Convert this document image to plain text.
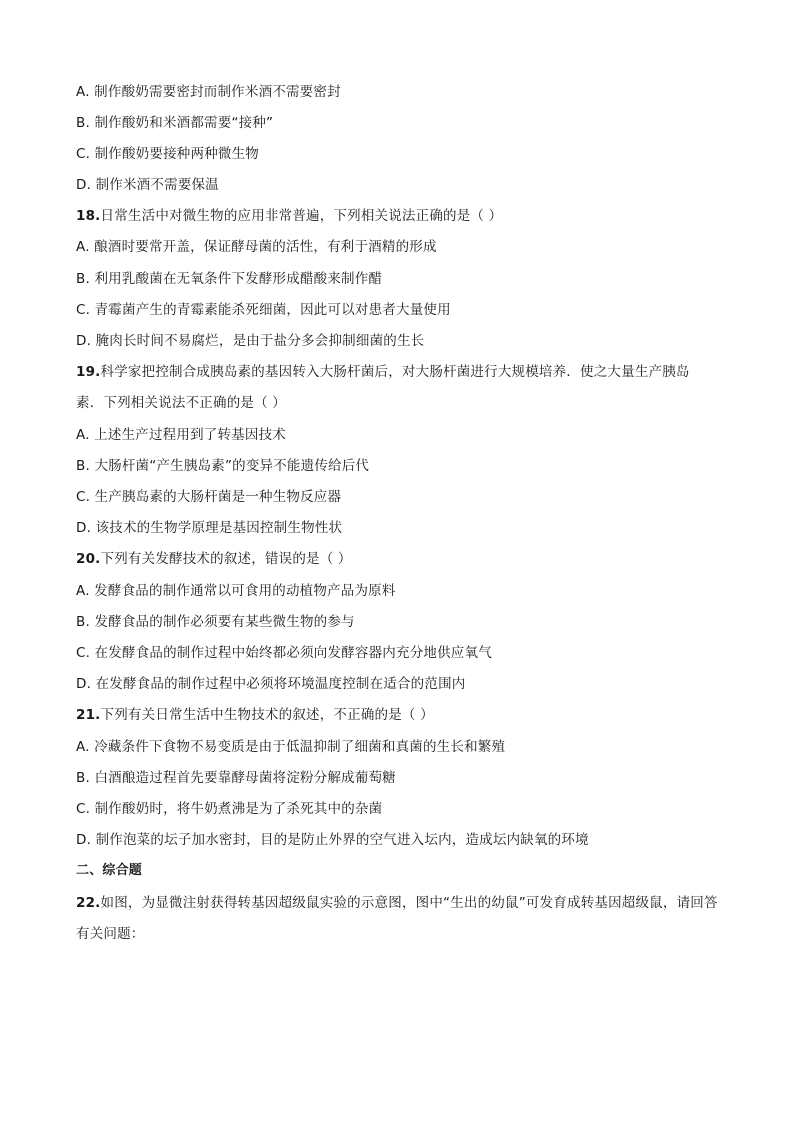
A. 制作酸奶需要密封而制作米酒不需要密封
B. 制作酸奶和米酒都需要“接种”
C. 制作酸奶要接种两种微生物
D. 制作米酒不需要保温
18.日常生活中对微生物的应用非常普遍，下列相关说法正确的是（ ）
A. 酿酒时要常开盖，保证酵母菌的活性，有利于酒精的形成
B. 利用乳酸菌在无氧条件下发酵形成醋酸来制作醋
C. 青霉菌产生的青霉素能杀死细菌，因此可以对患者大量使用
D. 腌肉长时间不易腐烂，是由于盐分多会抑制细菌的生长
19.科学家把控制合成胰岛素的基因转入大肠杆菌后，对大肠杆菌进行大规模培养．使之大量生产胰岛
素．下列相关说法不正确的是（ ）
A. 上述生产过程用到了转基因技术
B. 大肠杆菌“产生胰岛素”的变异不能遗传给后代
C. 生产胰岛素的大肠杆菌是一种生物反应器
D. 该技术的生物学原理是基因控制生物性状
20.下列有关发酵技术的叙述，错误的是（ ）
A. 发酵食品的制作通常以可食用的动植物产品为原料
B. 发酵食品的制作必须要有某些微生物的参与
C. 在发酵食品的制作过程中始终都必须向发酵容器内充分地供应氧气
D. 在发酵食品的制作过程中必须将环境温度控制在适合的范围内
21.下列有关日常生活中生物技术的叙述，不正确的是（ ）
A. 冷藏条件下食物不易变质是由于低温抑制了细菌和真菌的生长和繁殖
B. 白酒酿造过程首先要靠酵母菌将淀粉分解成葡萄糖
C. 制作酸奶时，将牛奶煮沸是为了杀死其中的杂菌
D. 制作泡菜的坛子加水密封，目的是防止外界的空气进入坛内，造成坛内缺氧的环境
二、综合题
22.如图，为显微注射获得转基因超级鼠实验的示意图，图中“生出的幼鼠”可发育成转基因超级鼠，请回答
有关问题：
